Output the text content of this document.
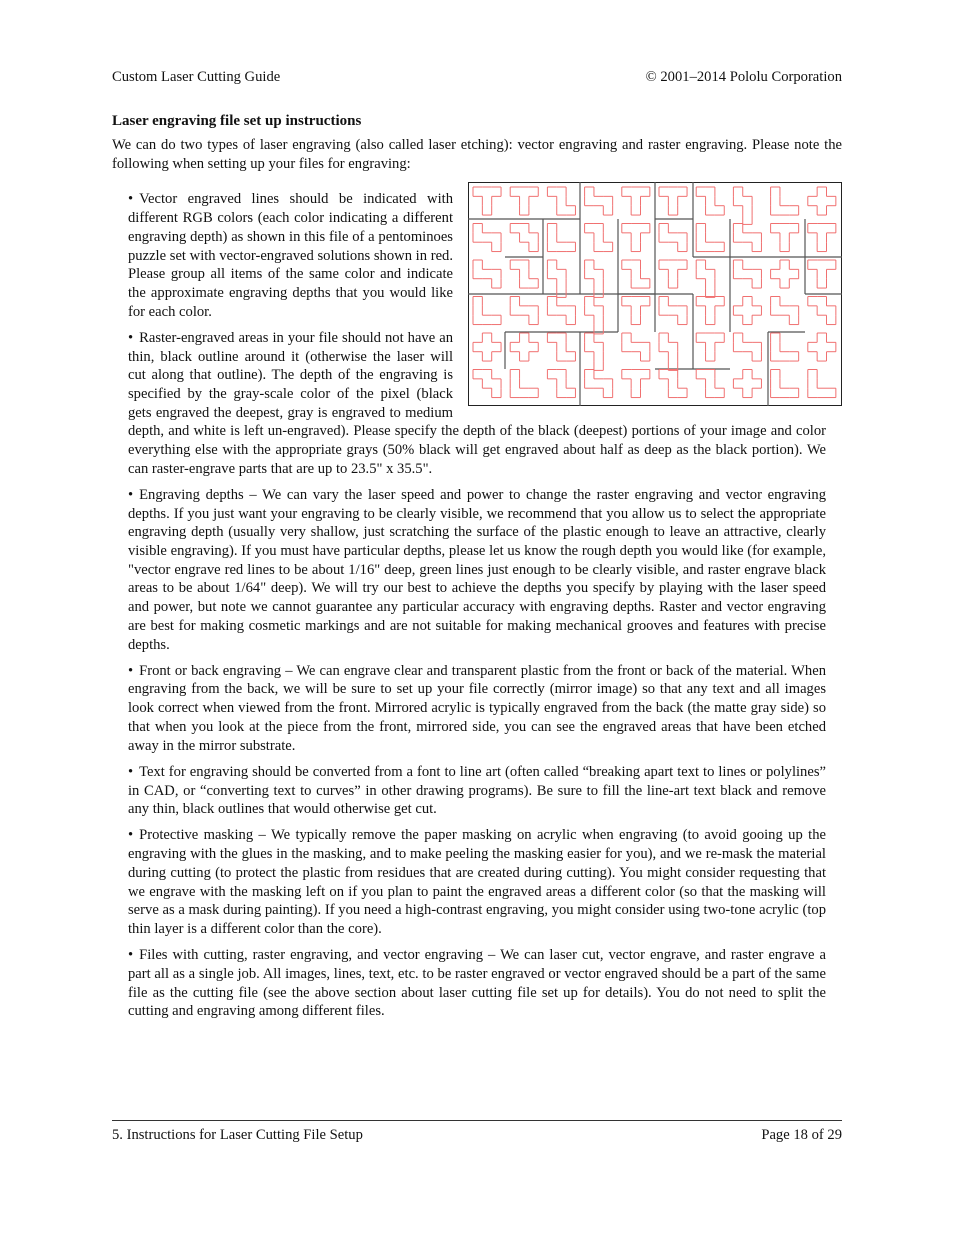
Custom Laser Cutting Guide	© 2001–2014 Pololu Corporation
Laser engraving file set up instructions

We can do two types of laser engraving (also called laser etching): vector engraving and raster engraving. Please note the following when setting up your files for engraving:

• Vector engraved lines should be indicated with different RGB colors (each color indicating a different engraving depth) as shown in this file of a pentominoes puzzle set with vector-engraved solutions shown in red. Please group all items of the same color and indicate the approximate engraving depths that you would like for each color.

• Raster-engraved areas in your file should not have an thin, black outline around it (otherwise the laser will cut along that outline). The depth of the engraving is specified by the gray-scale color of the pixel (black gets engraved the deepest, gray is engraved to medium depth, and white is left un-engraved). Please specify the depth of the black (deepest) portions of your image and color everything else with the appropriate grays (50% black will get engraved about half as deep as the black portion). We can raster-engrave parts that are up to 23.5" x 35.5".

• Engraving depths – We can vary the laser speed and power to change the raster engraving and vector engraving depths. If you just want your engraving to be clearly visible, we recommend that you allow us to select the appropriate engraving depth (usually very shallow, just scratching the surface of the plastic enough to leave an attractive, clearly visible engraving). If you must have particular depths, please let us know the rough depth you would like (for example, "vector engrave red lines to be about 1/16" deep, green lines just enough to be clearly visible, and raster engrave black areas to be about 1/64" deep). We will try our best to achieve the depths you specify by playing with the laser speed and power, but note we cannot guarantee any particular accuracy with engraving depths. Raster and vector engraving are best for making cosmetic markings and are not suitable for making mechanical grooves and features with precise depths.

• Front or back engraving – We can engrave clear and transparent plastic from the front or back of the material. When engraving from the back, we will be sure to set up your file correctly (mirror image) so that any text and all images look correct when viewed from the front. Mirrored acrylic is typically engraved from the back (the matte gray side) so that when you look at the piece from the front, mirrored side, you can see the engraved areas that have been etched away in the mirror substrate.

• Text for engraving should be converted from a font to line art (often called “breaking apart text to lines or polylines” in CAD, or “converting text to curves” in other drawing programs). Be sure to fill the line-art text black and remove any thin, black outlines that would otherwise get cut.

• Protective masking – We typically remove the paper masking on acrylic when engraving (to avoid gooing up the engraving with the glues in the masking, and to make peeling the masking easier for you), and we re-mask the material during cutting (to protect the plastic from residues that are created during cutting). You might consider requesting that we engrave with the masking left on if you plan to paint the engraved areas a different color (so that the masking will serve as a mask during painting). If you need a high-contrast engraving, you might consider using two-tone acrylic (top thin layer is a different color than the core).

• Files with cutting, raster engraving, and vector engraving – We can laser cut, vector engrave, and raster engrave a part all as a single job. All images, lines, text, etc. to be raster engraved or vector engraved should be a part of the same file as the cutting file (see the above section about laser cutting file set up for details). You do not need to split the cutting and engraving among different files.

5. Instructions for Laser Cutting File Setup	Page 18 of 29
